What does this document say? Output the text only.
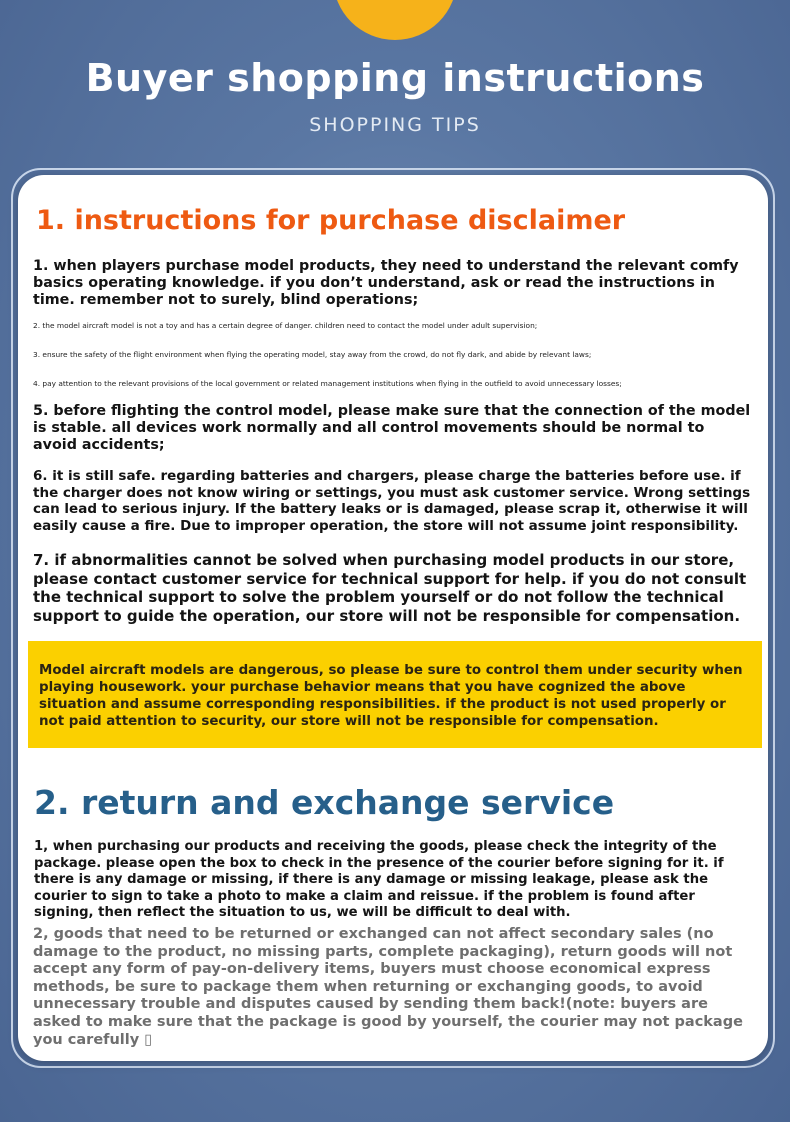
Buyer shopping instructions
SHOPPING TIPS
1. instructions for purchase disclaimer

1. when players purchase model products, they need to understand the relevant comfy basics operating knowledge. if you don’t understand, ask or read the instructions in time. remember not to surely, blind operations;

2. the model aircraft model is not a toy and has a certain degree of danger. children need to contact the model under adult supervision;

3. ensure the safety of the flight environment when flying the operating model, stay away from the crowd, do not fly dark, and abide by relevant laws;

4. pay attention to the relevant provisions of the local government or related management institutions when flying in the outfield to avoid unnecessary losses;

5. before flighting the control model, please make sure that the connection of the model is stable. all devices work normally and all control movements should be normal to avoid accidents;

6. it is still safe. regarding batteries and chargers, please charge the batteries before use. if the charger does not know wiring or settings, you must ask customer service. Wrong settings can lead to serious injury. If the battery leaks or is damaged, please scrap it, otherwise it will easily cause a fire. Due to improper operation, the store will not assume joint responsibility.

7. if abnormalities cannot be solved when purchasing model products in our store, please contact customer service for technical support for help. if you do not consult the technical support to solve the problem yourself or do not follow the technical support to guide the operation, our store will not be responsible for compensation.

Model aircraft models are dangerous, so please be sure to control them under security when playing housework. your purchase behavior means that you have cognized the above situation and assume corresponding responsibilities. if the product is not used properly or not paid attention to security, our store will not be responsible for compensation.

2. return and exchange service

1, when purchasing our products and receiving the goods, please check the integrity of the package. please open the box to check in the presence of the courier before signing for it. if there is any damage or missing, if there is any damage or missing leakage, please ask the courier to sign to take a photo to make a claim and reissue. if the problem is found after signing, then reflect the situation to us, we will be difficult to deal with.

2, goods that need to be returned or exchanged can not affect secondary sales (no damage to the product, no missing parts, complete packaging), return goods will not accept any form of pay-on-delivery items, buyers must choose economical express methods, be sure to package them when returning or exchanging goods, to avoid unnecessary trouble and disputes caused by sending them back!(note: buyers are asked to make sure that the package is good by yourself, the courier may not package you carefully ▯
